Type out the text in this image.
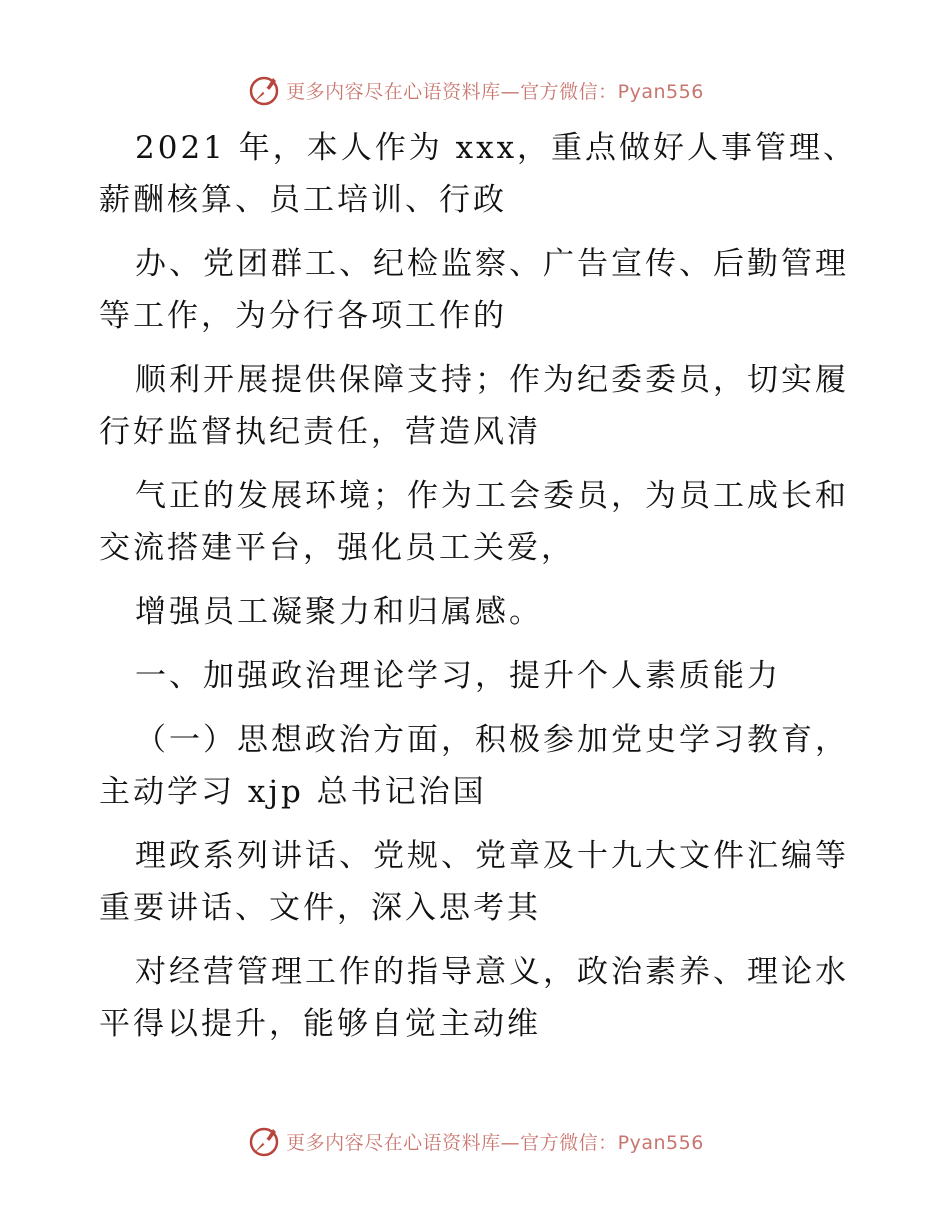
更多内容尽在心语资料库—官方微信：Pyan556
2021 年，本人作为 xxx，重点做好人事管理、
薪酬核算、员工培训、行政
办、党团群工、纪检监察、广告宣传、后勤管理
等工作，为分行各项工作的
顺利开展提供保障支持；作为纪委委员，切实履
行好监督执纪责任，营造风清
气正的发展环境；作为工会委员，为员工成长和
交流搭建平台，强化员工关爱，
增强员工凝聚力和归属感。
一、加强政治理论学习，提升个人素质能力
（一）思想政治方面，积极参加党史学习教育，
主动学习 xjp 总书记治国
理政系列讲话、党规、党章及十九大文件汇编等
重要讲话、文件，深入思考其
对经营管理工作的指导意义，政治素养、理论水
平得以提升，能够自觉主动维
更多内容尽在心语资料库—官方微信：Pyan556
